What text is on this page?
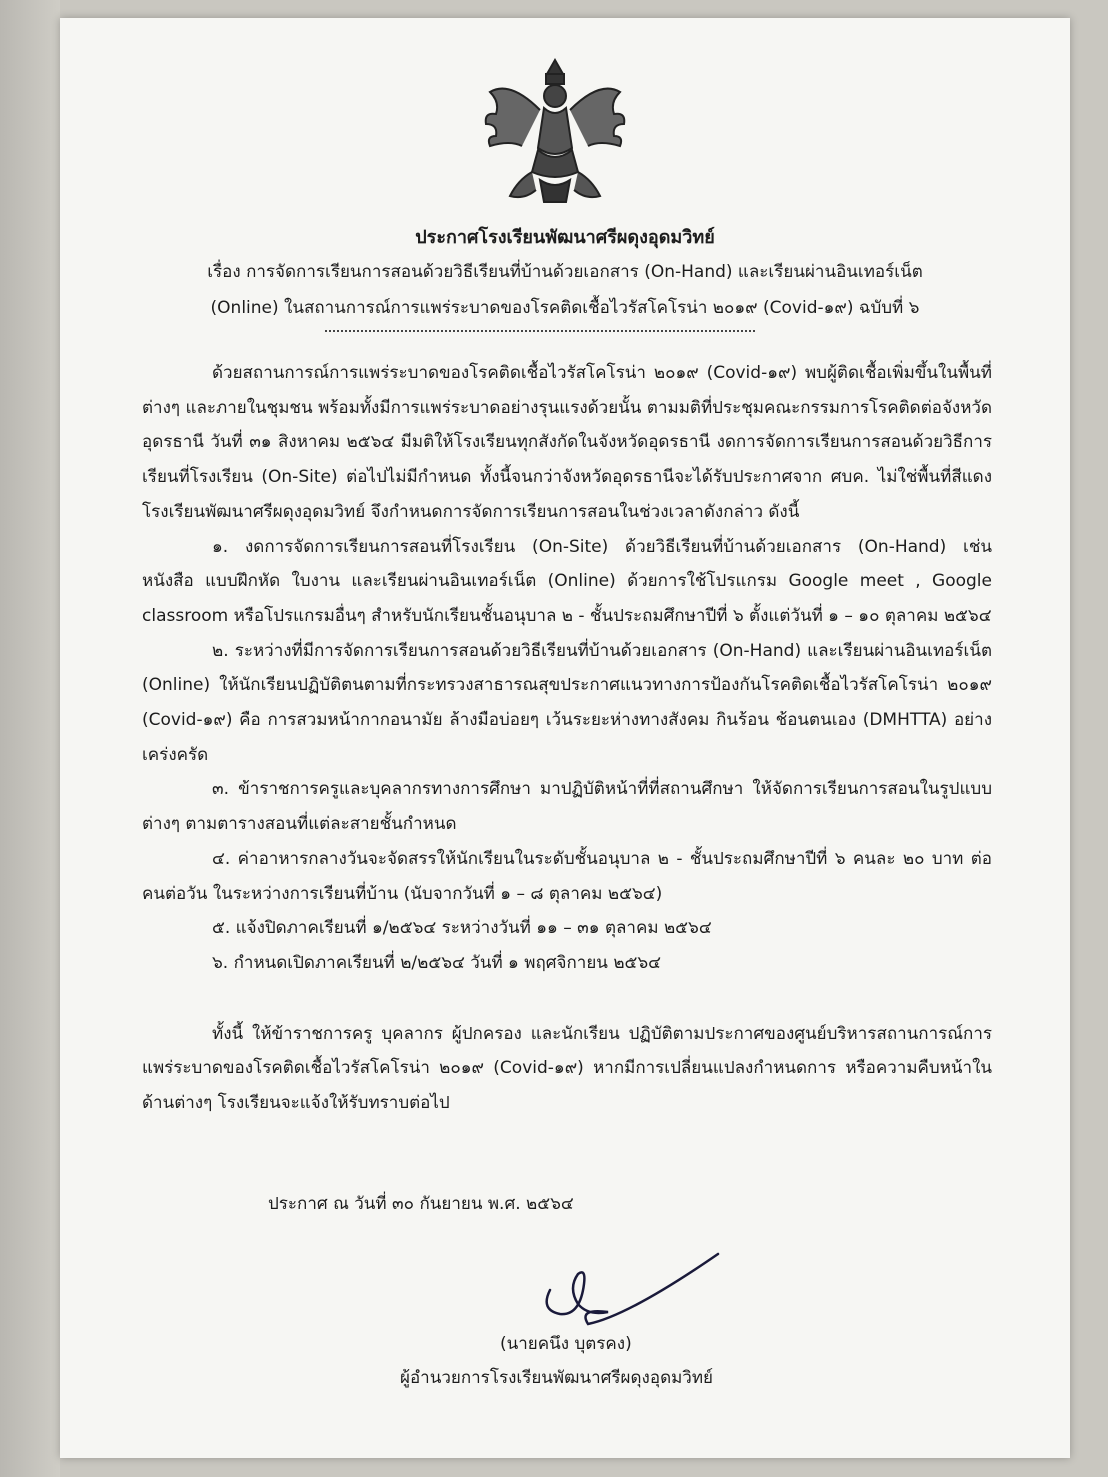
ประกาศโรงเรียนพัฒนาศรีผดุงอุดมวิทย์
เรื่อง การจัดการเรียนการสอนด้วยวิธีเรียนที่บ้านด้วยเอกสาร (On-Hand) และเรียนผ่านอินเทอร์เน็ต
(Online) ในสถานการณ์การแพร่ระบาดของโรคติดเชื้อไวรัสโคโรน่า ๒๐๑๙ (Covid-๑๙) ฉบับที่ ๖

ด้วยสถานการณ์การแพร่ระบาดของโรคติดเชื้อไวรัสโคโรน่า ๒๐๑๙ (Covid-๑๙) พบผู้ติดเชื้อเพิ่มขึ้นในพื้นที่ต่างๆ และภายในชุมชน พร้อมทั้งมีการแพร่ระบาดอย่างรุนแรงด้วยนั้น ตามมติที่ประชุมคณะกรรมการโรคติดต่อจังหวัดอุดรธานี วันที่ ๓๑ สิงหาคม ๒๕๖๔ มีมติให้โรงเรียนทุกสังกัดในจังหวัดอุดรธานี งดการจัดการเรียนการสอนด้วยวิธีการเรียนที่โรงเรียน (On-Site) ต่อไปไม่มีกำหนด ทั้งนี้จนกว่าจังหวัดอุดรธานีจะได้รับประกาศจาก ศบค. ไม่ใช่พื้นที่สีแดง โรงเรียนพัฒนาศรีผดุงอุดมวิทย์ จึงกำหนดการจัดการเรียนการสอนในช่วงเวลาดังกล่าว ดังนี้

๑. งดการจัดการเรียนการสอนที่โรงเรียน (On-Site) ด้วยวิธีเรียนที่บ้านด้วยเอกสาร (On-Hand) เช่น หนังสือ แบบฝึกหัด ใบงาน และเรียนผ่านอินเทอร์เน็ต (Online) ด้วยการใช้โปรแกรม Google meet , Google classroom หรือโปรแกรมอื่นๆ สำหรับนักเรียนชั้นอนุบาล ๒ - ชั้นประถมศึกษาปีที่ ๖ ตั้งแต่วันที่ ๑ – ๑๐ ตุลาคม ๒๕๖๔

๒. ระหว่างที่มีการจัดการเรียนการสอนด้วยวิธีเรียนที่บ้านด้วยเอกสาร (On-Hand) และเรียนผ่านอินเทอร์เน็ต (Online) ให้นักเรียนปฏิบัติตนตามที่กระทรวงสาธารณสุขประกาศแนวทางการป้องกันโรคติดเชื้อไวรัสโคโรน่า ๒๐๑๙ (Covid-๑๙) คือ การสวมหน้ากากอนามัย ล้างมือบ่อยๆ เว้นระยะห่างทางสังคม กินร้อน ช้อนตนเอง (DMHTTA) อย่างเคร่งครัด

๓. ข้าราชการครูและบุคลากรทางการศึกษา มาปฏิบัติหน้าที่ที่สถานศึกษา ให้จัดการเรียนการสอนในรูปแบบ ต่างๆ ตามตารางสอนที่แต่ละสายชั้นกำหนด

๔. ค่าอาหารกลางวันจะจัดสรรให้นักเรียนในระดับชั้นอนุบาล ๒ - ชั้นประถมศึกษาปีที่ ๖ คนละ ๒๐ บาท ต่อคนต่อวัน ในระหว่างการเรียนที่บ้าน (นับจากวันที่ ๑ – ๘ ตุลาคม ๒๕๖๔)

๕. แจ้งปิดภาคเรียนที่ ๑/๒๕๖๔ ระหว่างวันที่ ๑๑ – ๓๑ ตุลาคม ๒๕๖๔

๖. กำหนดเปิดภาคเรียนที่ ๒/๒๕๖๔ วันที่ ๑ พฤศจิกายน ๒๕๖๔

ทั้งนี้ ให้ข้าราชการครู บุคลากร ผู้ปกครอง และนักเรียน ปฏิบัติตามประกาศของศูนย์บริหารสถานการณ์การแพร่ระบาดของโรคติดเชื้อไวรัสโคโรน่า ๒๐๑๙ (Covid-๑๙) หากมีการเปลี่ยนแปลงกำหนดการ หรือความคืบหน้าในด้านต่างๆ โรงเรียนจะแจ้งให้รับทราบต่อไป

ประกาศ ณ วันที่ ๓๐ กันยายน พ.ศ. ๒๕๖๔
(นายคนึง บุตรคง)
ผู้อำนวยการโรงเรียนพัฒนาศรีผดุงอุดมวิทย์
